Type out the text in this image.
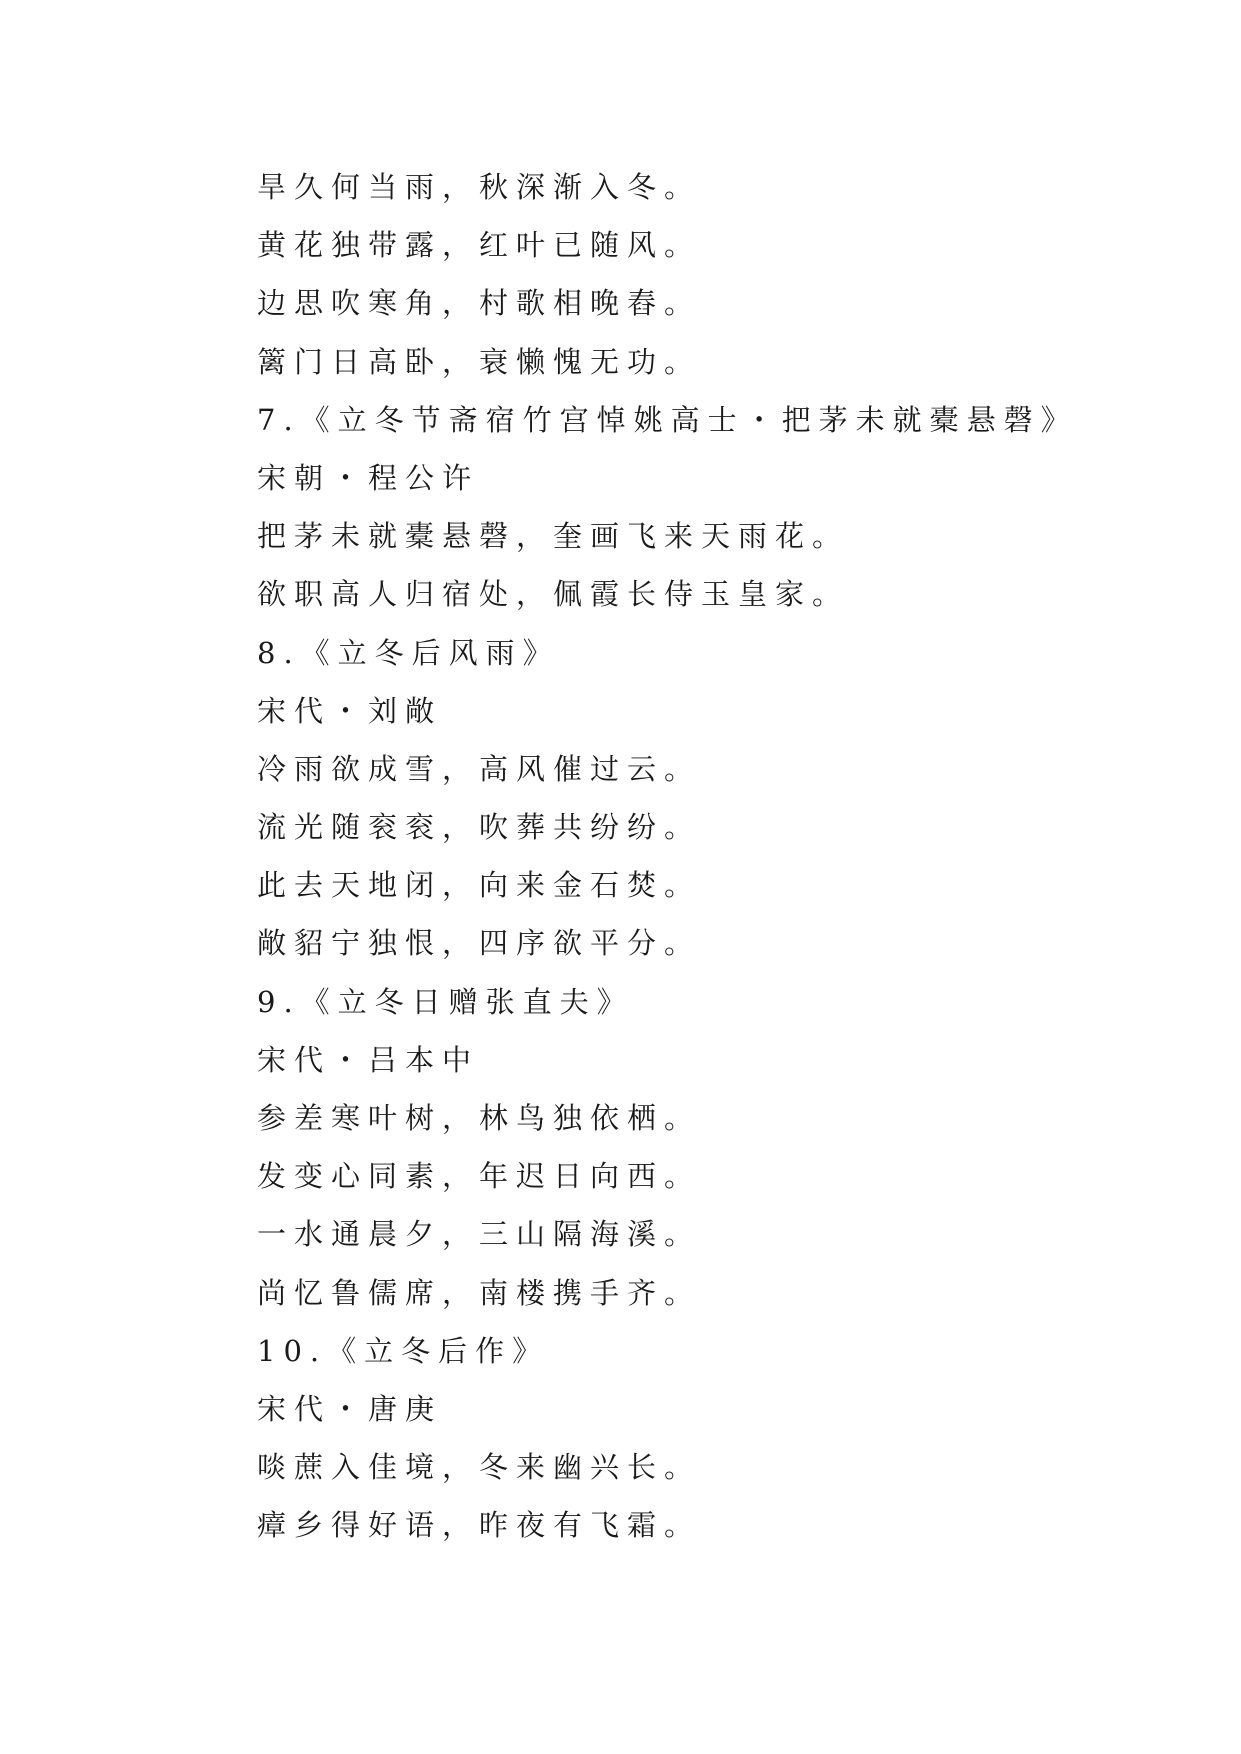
旱久何当雨，秋深渐入冬。
黄花独带露，红叶已随风。
边思吹寒角，村歌相晚舂。
篱门日高卧，衰懒愧无功。
7.《立冬节斋宿竹宫悼姚高士・把茅未就橐悬磬》
宋朝・程公许
把茅未就橐悬磬，奎画飞来天雨花。
欲职高人归宿处，佩霞长侍玉皇家。
8.《立冬后风雨》
宋代・刘敞
冷雨欲成雪，高风催过云。
流光随衮衮，吹葬共纷纷。
此去天地闭，向来金石焚。
敞貂宁独恨，四序欲平分。
9.《立冬日赠张直夫》
宋代・吕本中
参差寒叶树，林鸟独依栖。
发变心同素，年迟日向西。
一水通晨夕，三山隔海溪。
尚忆鲁儒席，南楼携手齐。
10.《立冬后作》
宋代・唐庚
啖蔗入佳境，冬来幽兴长。
瘴乡得好语，昨夜有飞霜。
